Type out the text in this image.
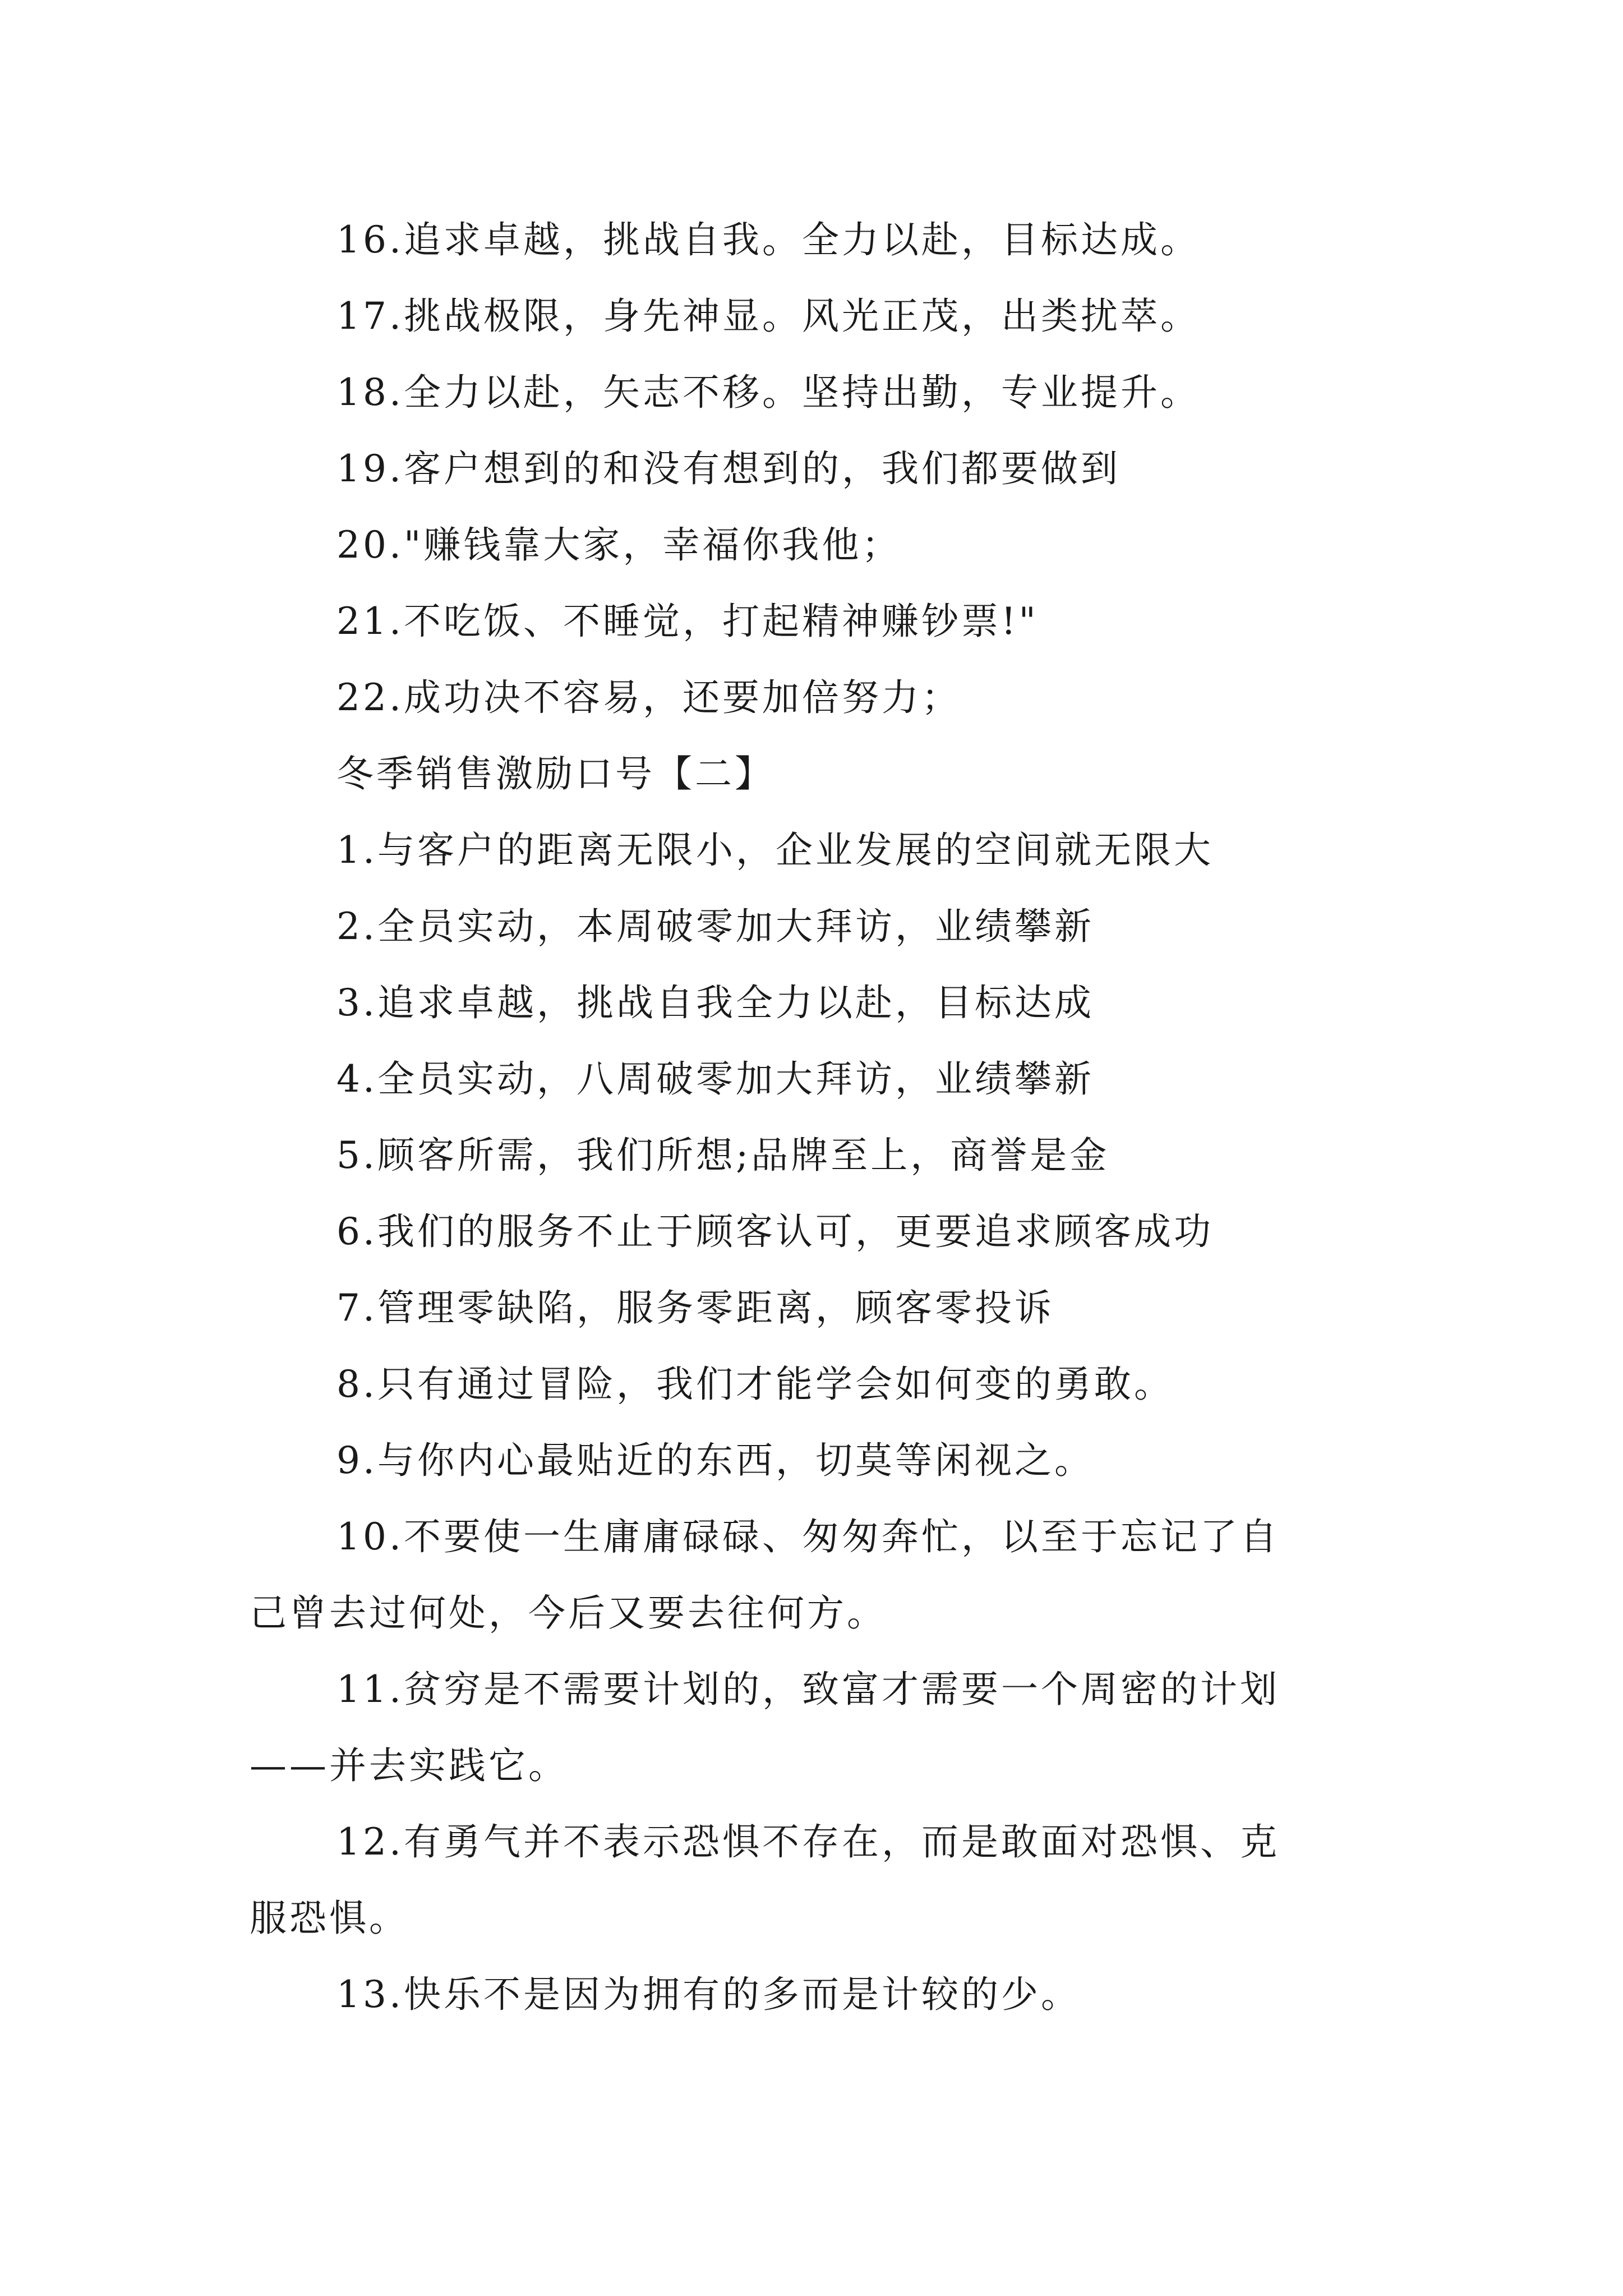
16.追求卓越，挑战自我。全力以赴，目标达成。
17.挑战极限，身先神显。风光正茂，出类扰萃。
18.全力以赴，矢志不移。坚持出勤，专业提升。
19.客户想到的和没有想到的，我们都要做到
20."赚钱靠大家，幸福你我他；
21.不吃饭、不睡觉，打起精神赚钞票!"
22.成功决不容易，还要加倍努力；
冬季销售激励口号【二】
1.与客户的距离无限小，企业发展的空间就无限大
2.全员实动，本周破零加大拜访，业绩攀新
3.追求卓越，挑战自我全力以赴，目标达成
4.全员实动，八周破零加大拜访，业绩攀新
5.顾客所需，我们所想;品牌至上，商誉是金
6.我们的服务不止于顾客认可，更要追求顾客成功
7.管理零缺陷，服务零距离，顾客零投诉
8.只有通过冒险，我们才能学会如何变的勇敢。
9.与你内心最贴近的东西，切莫等闲视之。
10.不要使一生庸庸碌碌、匆匆奔忙，以至于忘记了自
己曾去过何处，今后又要去往何方。
11.贫穷是不需要计划的，致富才需要一个周密的计划
——并去实践它。
12.有勇气并不表示恐惧不存在，而是敢面对恐惧、克
服恐惧。
13.快乐不是因为拥有的多而是计较的少。
